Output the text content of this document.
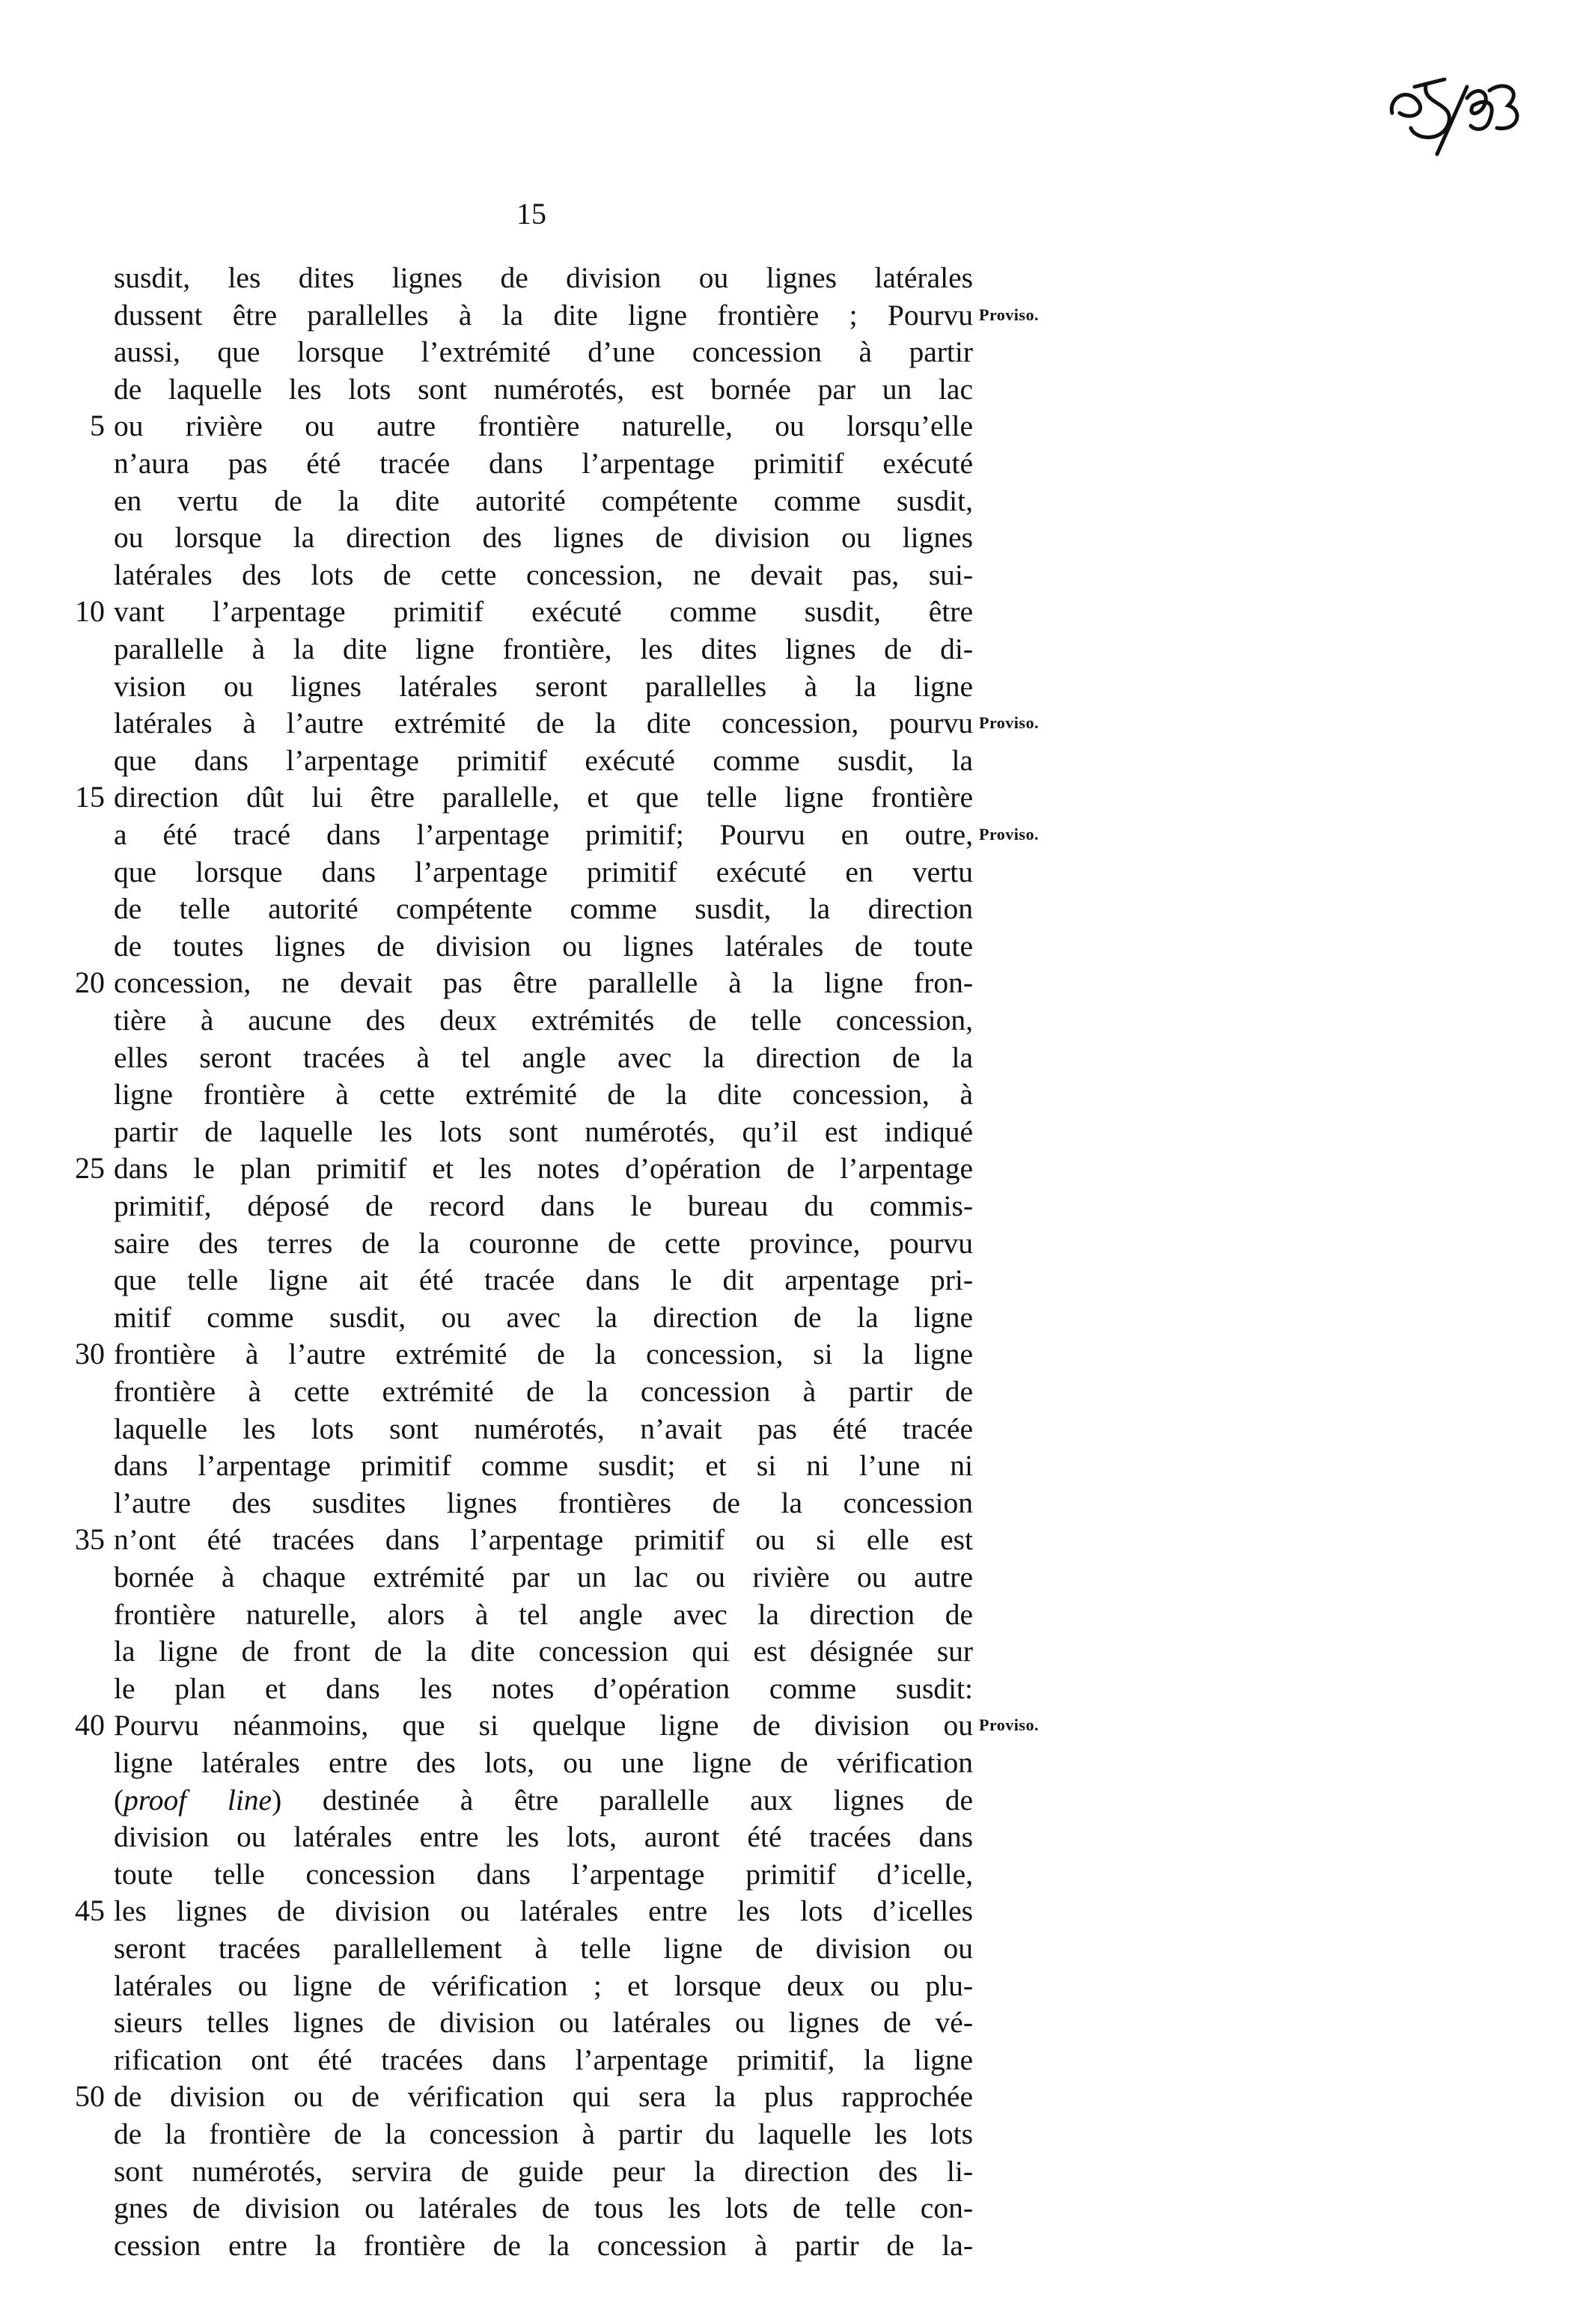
15
susdit, les dites lignes de division ou lignes latérales
dussent être parallelles à la dite ligne frontière ; Pourvu Proviso.
aussi, que lorsque l’extrémité d’une concession à partir
de laquelle les lots sont numérotés, est bornée par un lac
5 ou rivière ou autre frontière naturelle, ou lorsqu’elle
n’aura pas été tracée dans l’arpentage primitif exécuté
en vertu de la dite autorité compétente comme susdit,
ou lorsque la direction des lignes de division ou lignes
latérales des lots de cette concession, ne devait pas, sui-
10 vant l’arpentage primitif exécuté comme susdit, être
parallelle à la dite ligne frontière, les dites lignes de di-
vision ou lignes latérales seront parallelles à la ligne
latérales à l’autre extrémité de la dite concession, pourvu Proviso.
que dans l’arpentage primitif exécuté comme susdit, la
15 direction dût lui être parallelle, et que telle ligne frontière
a été tracé dans l’arpentage primitif; Pourvu en outre, Proviso.
que lorsque dans l’arpentage primitif exécuté en vertu
de telle autorité compétente comme susdit, la direction
de toutes lignes de division ou lignes latérales de toute
20 concession, ne devait pas être parallelle à la ligne fron-
tière à aucune des deux extrémités de telle concession,
elles seront tracées à tel angle avec la direction de la
ligne frontière à cette extrémité de la dite concession, à
partir de laquelle les lots sont numérotés, qu’il est indiqué
25 dans le plan primitif et les notes d’opération de l’arpentage
primitif, déposé de record dans le bureau du commis-
saire des terres de la couronne de cette province, pourvu
que telle ligne ait été tracée dans le dit arpentage pri-
mitif comme susdit, ou avec la direction de la ligne
30 frontière à l’autre extrémité de la concession, si la ligne
frontière à cette extrémité de la concession à partir de
laquelle les lots sont numérotés, n’avait pas été tracée
dans l’arpentage primitif comme susdit; et si ni l’une ni
l’autre des susdites lignes frontières de la concession
35 n’ont été tracées dans l’arpentage primitif ou si elle est
bornée à chaque extrémité par un lac ou rivière ou autre
frontière naturelle, alors à tel angle avec la direction de
la ligne de front de la dite concession qui est désignée sur
le plan et dans les notes d’opération comme susdit:
40 Pourvu néanmoins, que si quelque ligne de division ou Proviso.
ligne latérales entre des lots, ou une ligne de vérification
(proof line) destinée à être parallelle aux lignes de
division ou latérales entre les lots, auront été tracées dans
toute telle concession dans l’arpentage primitif d’icelle,
45 les lignes de division ou latérales entre les lots d’icelles
seront tracées parallellement à telle ligne de division ou
latérales ou ligne de vérification ; et lorsque deux ou plu-
sieurs telles lignes de division ou latérales ou lignes de vé-
rification ont été tracées dans l’arpentage primitif, la ligne
50 de division ou de vérification qui sera la plus rapprochée
de la frontière de la concession à partir du laquelle les lots
sont numérotés, servira de guide peur la direction des li-
gnes de division ou latérales de tous les lots de telle con-
cession entre la frontière de la concession à partir de la-
